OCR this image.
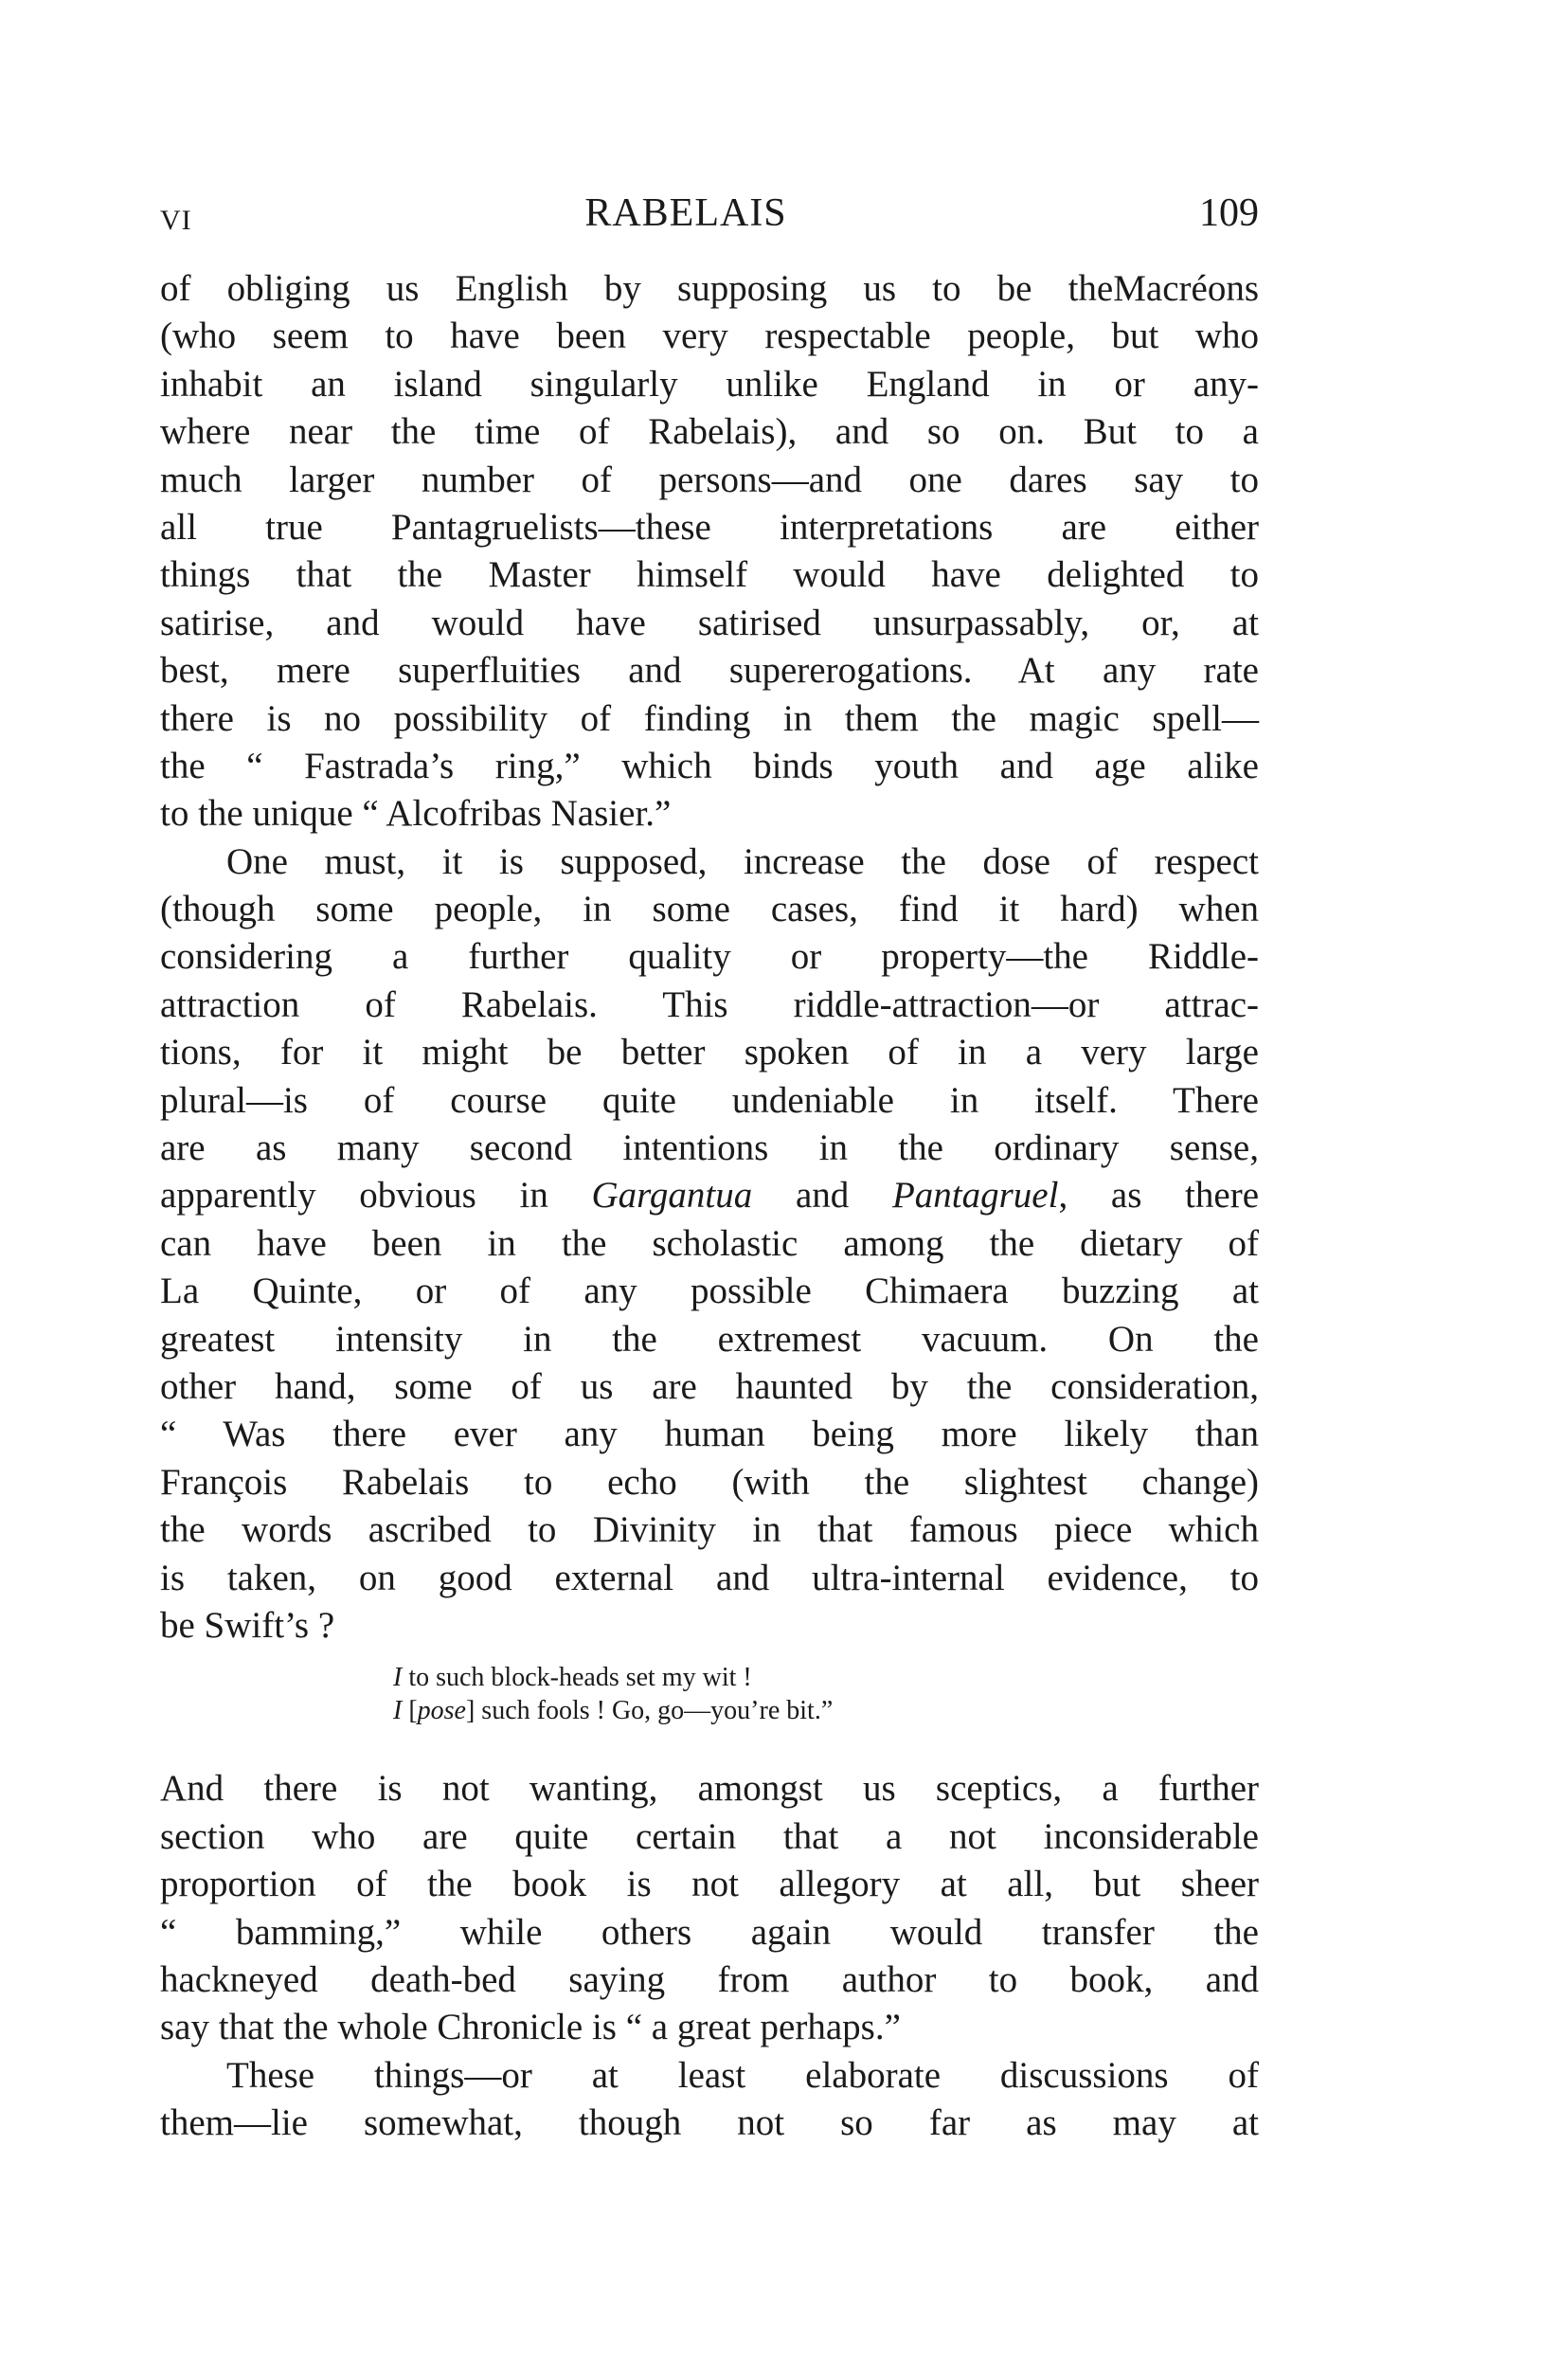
VI	RABELAIS	109
of obliging us English by supposing us to be theMacréons
(who seem to have been very respectable people, but who
inhabit an island singularly unlike England in or any-
where near the time of Rabelais), and so on. But to a
much larger number of persons—and one dares say to
all true Pantagruelists—these interpretations are either
things that the Master himself would have delighted to
satirise, and would have satirised unsurpassably, or, at
best, mere superfluities and supererogations. At any rate
there is no possibility of finding in them the magic spell—
the “ Fastrada’s ring,” which binds youth and age alike
to the unique “ Alcofribas Nasier.”
One must, it is supposed, increase the dose of respect
(though some people, in some cases, find it hard) when
considering a further quality or property—the Riddle-
attraction of Rabelais. This riddle-attraction—or attrac-
tions, for it might be better spoken of in a very large
plural—is of course quite undeniable in itself. There
are as many second intentions in the ordinary sense,
apparently obvious in Gargantua and Pantagruel, as there
can have been in the scholastic among the dietary of
La Quinte, or of any possible Chimaera buzzing at
greatest intensity in the extremest vacuum. On the
other hand, some of us are haunted by the consideration,
“ Was there ever any human being more likely than
François Rabelais to echo (with the slightest change)
the words ascribed to Divinity in that famous piece which
is taken, on good external and ultra-internal evidence, to
be Swift’s ?
I to such block-heads set my wit !
I [pose] such fools ! Go, go—you’re bit.”
And there is not wanting, amongst us sceptics, a further
section who are quite certain that a not inconsiderable
proportion of the book is not allegory at all, but sheer
“ bamming,” while others again would transfer the
hackneyed death-bed saying from author to book, and
say that the whole Chronicle is “ a great perhaps.”
These things—or at least elaborate discussions of
them—lie somewhat, though not so far as may at
